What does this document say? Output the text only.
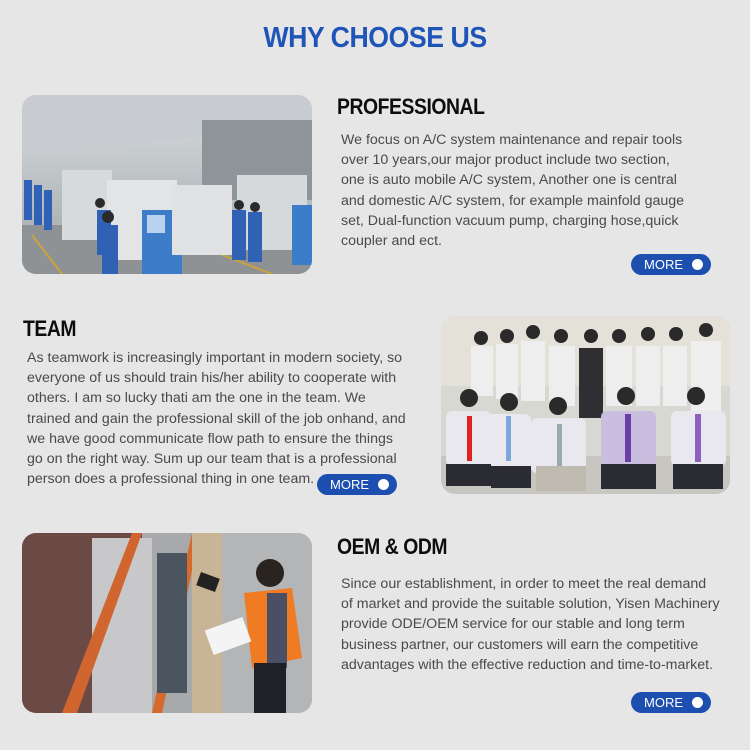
WHY CHOOSE US
PROFESSIONAL
We focus on A/C system maintenance and repair tools
over 10 years,our major product include two section,
one is auto mobile A/C system, Another one is central
and domestic A/C system, for example mainfold gauge
set, Dual-function vacuum pump, charging hose,quick
coupler and ect.
MORE
TEAM
As teamwork is increasingly important in modern society, so
everyone of us should train his/her ability to cooperate with
others. I am so lucky thati am the one in the team. We
trained and gain the professional skill of the job onhand, and
we have good communicate flow path to ensure the things
go on the right way. Sum up our team that is a professional
person does a professional thing in one team.	MORE
OEM & ODM
Since our establishment, in order to meet the real demand
of market and provide the suitable solution, Yisen Machinery
provide ODE/OEM service for our stable and long term
business partner, our customers will earn the competitive
advantages with the effective reduction and time-to-market.
MORE
